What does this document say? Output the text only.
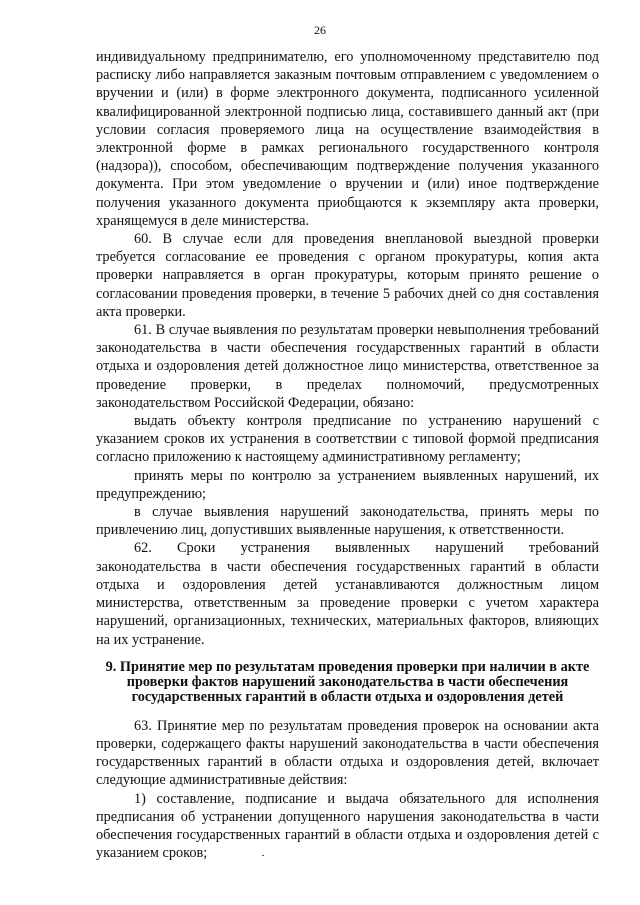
26

индивидуальному предпринимателю, его уполномоченному представителю под расписку либо направляется заказным почтовым отправлением с уведомлением о вручении и (или) в форме электронного документа, подписанного усиленной квалифицированной электронной подписью лица, составившего данный акт (при условии согласия проверяемого лица на осуществление взаимодействия в электронной форме в рамках регионального государственного контроля (надзора)), способом, обеспечивающим подтверждение получения указанного документа. При этом уведомление о вручении и (или) иное подтверждение получения указанного документа приобщаются к экземпляру акта проверки, хранящемуся в деле министерства.

60. В случае если для проведения внеплановой выездной проверки требуется согласование ее проведения с органом прокуратуры, копия акта проверки направляется в орган прокуратуры, которым принято решение о согласовании проведения проверки, в течение 5 рабочих дней со дня составления акта проверки.

61. В случае выявления по результатам проверки невыполнения требований законодательства в части обеспечения государственных гарантий в области отдыха и оздоровления детей должностное лицо министерства, ответственное за проведение проверки, в пределах полномочий, предусмотренных законодательством Российской Федерации, обязано:

выдать объекту контроля предписание по устранению нарушений с указанием сроков их устранения в соответствии с типовой формой предписания согласно приложению к настоящему административному регламенту;

принять меры по контролю за устранением выявленных нарушений, их предупреждению;

в случае выявления нарушений законодательства, принять меры по привлечению лиц, допустивших выявленные нарушения, к ответственности.

62. Сроки устранения выявленных нарушений требований законодательства в части обеспечения государственных гарантий в области отдыха и оздоровления детей устанавливаются должностным лицом министерства, ответственным за проведение проверки с учетом характера нарушений, организационных, технических, материальных факторов, влияющих на их устранение.

9. Принятие мер по результатам проведения проверки при наличии в акте проверки фактов нарушений законодательства в части обеспечения государственных гарантий в области отдыха и оздоровления детей

63. Принятие мер по результатам проведения проверок на основании акта проверки, содержащего факты нарушений законодательства в части обеспечения государственных гарантий в области отдыха и оздоровления детей, включает следующие административные действия:

1) составление, подписание и выдача обязательного для исполнения предписания об устранении допущенного нарушения законодательства в части обеспечения государственных гарантий в области отдыха и оздоровления детей с указанием сроков;
